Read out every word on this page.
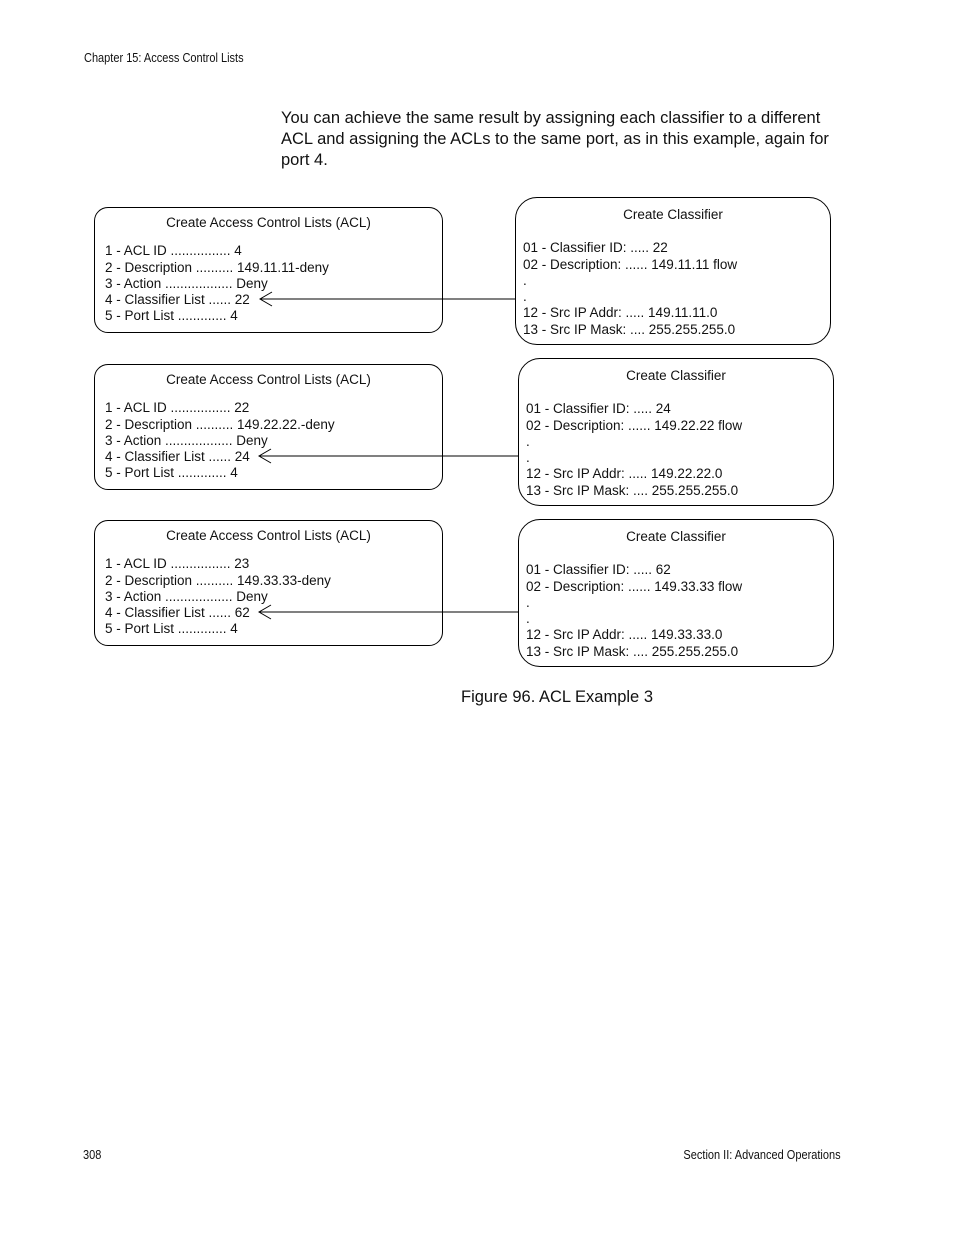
Chapter 15: Access Control Lists

You can achieve the same result by assigning each classifier to a different ACL and assigning the ACLs to the same port, as in this example, again for port 4.

Create Access Control Lists (ACL)
1 - ACL ID ................ 4
2 - Description .......... 149.11.11-deny
3 - Action .................. Deny
4 - Classifier List ...... 22
5 - Port List ............. 4
Create Classifier
01 - Classifier ID: ..... 22
02 - Description: ...... 149.11.11 flow
.
.
12 - Src IP Addr: ..... 149.11.11.0
13 - Src IP Mask: .... 255.255.255.0
Create Access Control Lists (ACL)
1 - ACL ID ................ 22
2 - Description .......... 149.22.22.-deny
3 - Action .................. Deny
4 - Classifier List ...... 24
5 - Port List ............. 4
Create Classifier
01 - Classifier ID: ..... 24
02 - Description: ...... 149.22.22 flow
.
.
12 - Src IP Addr: ..... 149.22.22.0
13 - Src IP Mask: .... 255.255.255.0
Create Access Control Lists (ACL)
1 - ACL ID ................ 23
2 - Description .......... 149.33.33-deny
3 - Action .................. Deny
4 - Classifier List ...... 62
5 - Port List ............. 4
Create Classifier
01 - Classifier ID: ..... 62
02 - Description: ...... 149.33.33 flow
.
.
12 - Src IP Addr: ..... 149.33.33.0
13 - Src IP Mask: .... 255.255.255.0
Figure 96. ACL Example 3
308	Section II: Advanced Operations
